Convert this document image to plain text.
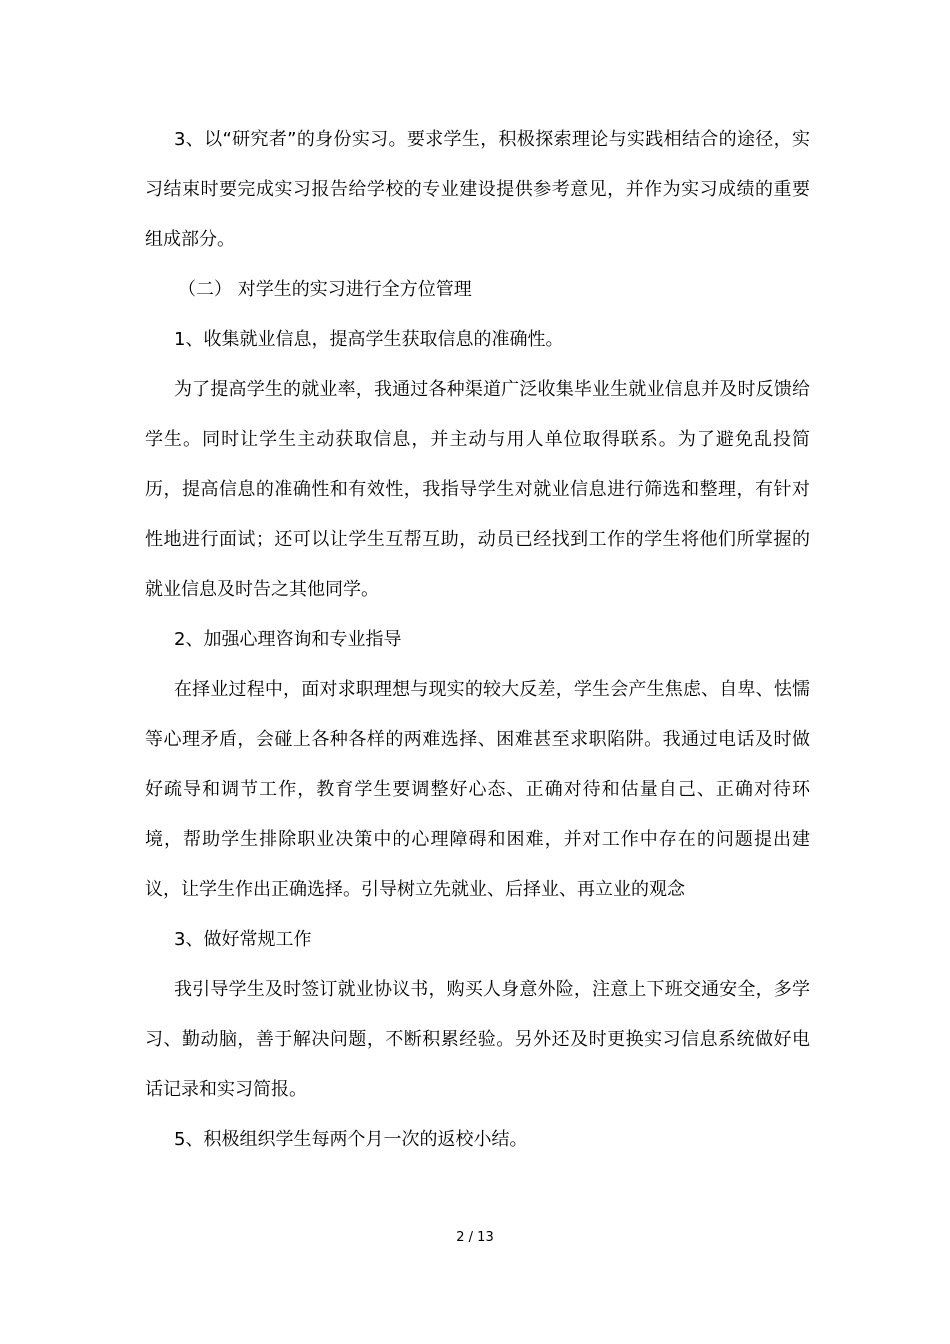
3、以“研究者”的身份实习。要求学生，积极探索理论与实践相结合的途径，实习结束时要完成实习报告给学校的专业建设提供参考意见，并作为实习成绩的重要组成部分。

（二） 对学生的实习进行全方位管理

1、收集就业信息，提高学生获取信息的准确性。

为了提高学生的就业率，我通过各种渠道广泛收集毕业生就业信息并及时反馈给学生。同时让学生主动获取信息，并主动与用人单位取得联系。为了避免乱投简历，提高信息的准确性和有效性，我指导学生对就业信息进行筛选和整理，有针对性地进行面试；还可以让学生互帮互助，动员已经找到工作的学生将他们所掌握的就业信息及时告之其他同学。

2、加强心理咨询和专业指导

在择业过程中，面对求职理想与现实的较大反差，学生会产生焦虑、自卑、怯懦等心理矛盾，会碰上各种各样的两难选择、困难甚至求职陷阱。我通过电话及时做好疏导和调节工作，教育学生要调整好心态、正确对待和估量自己、正确对待环境，帮助学生排除职业决策中的心理障碍和困难，并对工作中存在的问题提出建议，让学生作出正确选择。引导树立先就业、后择业、再立业的观念

3、做好常规工作

我引导学生及时签订就业协议书，购买人身意外险，注意上下班交通安全，多学习、勤动脑，善于解决问题，不断积累经验。另外还及时更换实习信息系统做好电话记录和实习简报。

5、积极组织学生每两个月一次的返校小结。

2 / 13
